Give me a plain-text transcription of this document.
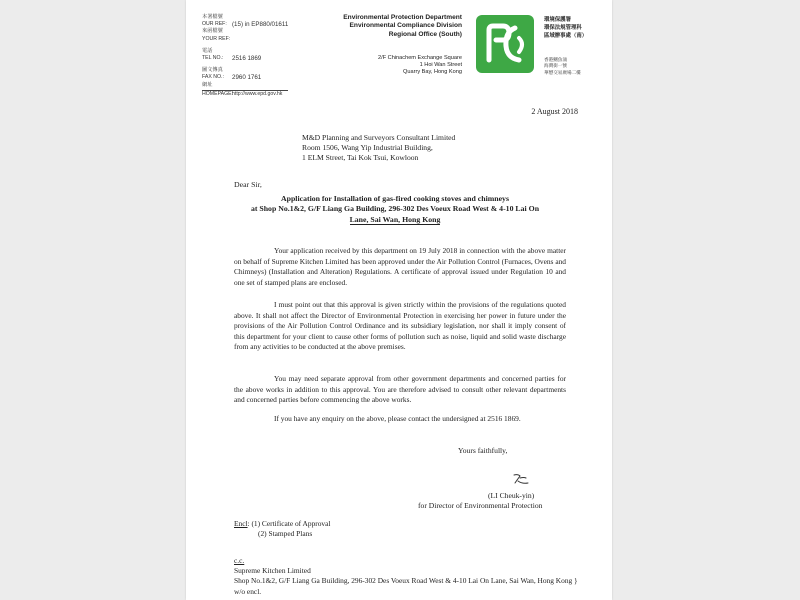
本署檔號
OUR REF: (15) in EP880/01611
來函檔號
YOUR REF:
電話
TEL NO.:	2516 1869
圖文傳真
FAX NO.:	2960 1761
網址
HOMEPAGE:
http://www.epd.gov.hk
Environmental Protection Department
Environmental Compliance Division
Regional Office (South)
2/F Chinachem Exchange Square
1 Hoi Wan Street
Quarry Bay, Hong Kong
環境保護署
環保法規管理科
區域辦事處（南）
香港鰂魚涌
海灣街一號
華懋交易廣場二樓
2 August 2018
M&D Planning and Surveyors Consultant Limited
Room 1506, Wang Yip Industrial Building,
1 ELM Street, Tai Kok Tsui, Kowloon
Dear Sir,
Application for Installation of gas-fired cooking stoves and chimneys
at Shop No.1&2, G/F Liang Ga Building, 296-302 Des Voeux Road West & 4-10 Lai On
Lane, Sai Wan, Hong Kong

Your application received by this department on 19 July 2018 in connection with the above matter on behalf of Supreme Kitchen Limited has been approved under the Air Pollution Control (Furnaces, Ovens and Chimneys) (Installation and Alteration) Regulations. A certificate of approval issued under Regulation 10 and one set of stamped plans are enclosed.

I must point out that this approval is given strictly within the provisions of the regulations quoted above. It shall not affect the Director of Environmental Protection in exercising her power in future under the provisions of the Air Pollution Control Ordinance and its subsidiary legislation, nor shall it imply consent of this department for your client to cause other forms of pollution such as noise, liquid and solid waste discharge from any activities to be conducted at the above premises.

You may need separate approval from other government departments and concerned parties for the above works in addition to this approval. You are therefore advised to consult other relevant departments and concerned parties before commencing the above works.

If you have any enquiry on the above, please contact the undersigned at 2516 1869.

Yours faithfully,
(LI Cheuk-yin)
for Director of Environmental Protection
Encl: (1) Certificate of Approval
(2) Stamped Plans
c.c.
Supreme Kitchen Limited
Shop No.1&2, G/F Liang Ga Building, 296-302 Des Voeux Road West & 4-10 Lai On Lane, Sai Wan, Hong Kong } w/o encl.
